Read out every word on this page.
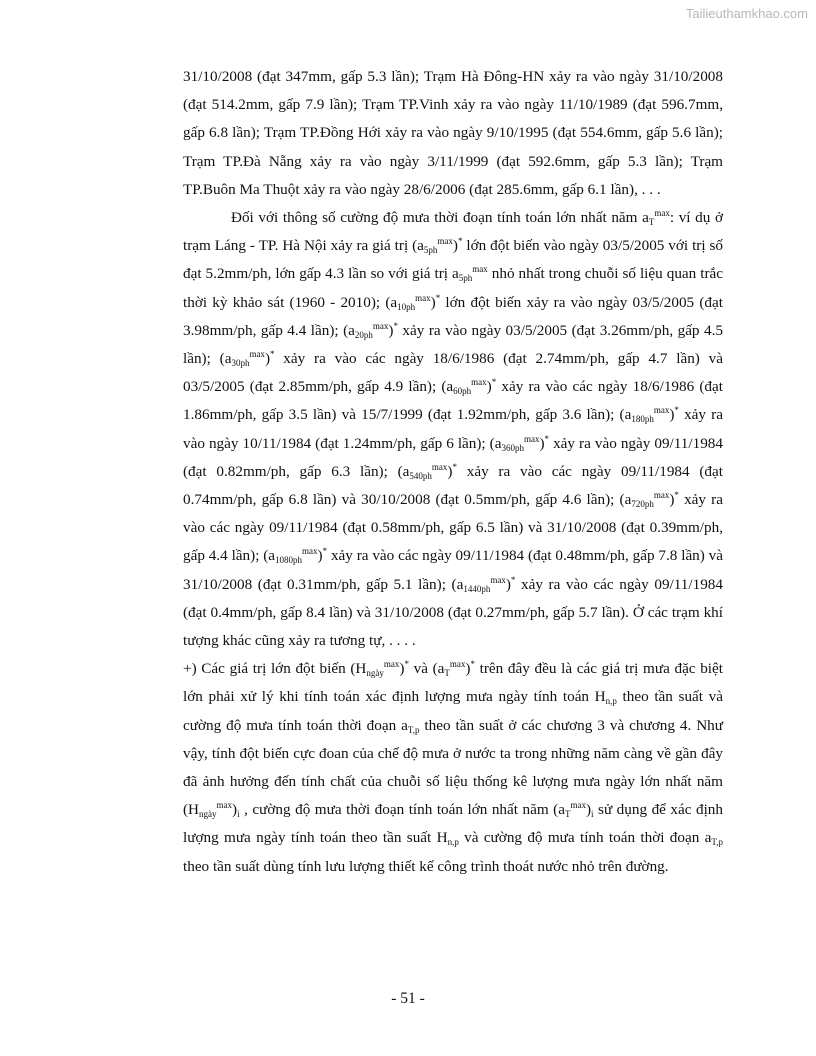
Tailieuthamkhao.com

31/10/2008 (đạt 347mm, gấp 5.3 lần); Trạm Hà Đông-HN xảy ra vào ngày 31/10/2008 (đạt 514.2mm, gấp 7.9 lần); Trạm TP.Vinh xảy ra vào ngày 11/10/1989 (đạt 596.7mm, gấp 6.8 lần); Trạm TP.Đồng Hới xảy ra vào ngày 9/10/1995 (đạt 554.6mm, gấp 5.6 lần); Trạm TP.Đà Nẵng xảy ra vào ngày 3/11/1999 (đạt 592.6mm, gấp 5.3 lần); Trạm TP.Buôn Ma Thuột xảy ra vào ngày 28/6/2006 (đạt 285.6mm, gấp 6.1 lần), . . .

Đối với thông số cường độ mưa thời đoạn tính toán lớn nhất năm $a_T^{max}$: ví dụ ở trạm Láng - TP. Hà Nội xảy ra giá trị $(a_{5ph}^{max})^*$ lớn đột biến vào ngày 03/5/2005 với trị số đạt 5.2mm/ph, lớn gấp 4.3 lần so với giá trị $a_{5ph}^{max}$ nhỏ nhất trong chuỗi số liệu quan trắc thời kỳ khảo sát (1960 - 2010); $(a_{10ph}^{max})^*$ lớn đột biến xảy ra vào ngày 03/5/2005 (đạt 3.98mm/ph, gấp 4.4 lần); $(a_{20ph}^{max})^*$ xảy ra vào ngày 03/5/2005 (đạt 3.26mm/ph, gấp 4.5 lần); $(a_{30ph}^{max})^*$ xảy ra vào các ngày 18/6/1986 (đạt 2.74mm/ph, gấp 4.7 lần) và 03/5/2005 (đạt 2.85mm/ph, gấp 4.9 lần); $(a_{60ph}^{max})^*$ xảy ra vào các ngày 18/6/1986 (đạt 1.86mm/ph, gấp 3.5 lần) và 15/7/1999 (đạt 1.92mm/ph, gấp 3.6 lần); $(a_{180ph}^{max})^*$ xảy ra vào ngày 10/11/1984 (đạt 1.24mm/ph, gấp 6 lần); $(a_{360ph}^{max})^*$ xảy ra vào ngày 09/11/1984 (đạt 0.82mm/ph, gấp 6.3 lần); $(a_{540ph}^{max})^*$ xảy ra vào các ngày 09/11/1984 (đạt 0.74mm/ph, gấp 6.8 lần) và 30/10/2008 (đạt 0.5mm/ph, gấp 4.6 lần); $(a_{720ph}^{max})^*$ xảy ra vào các ngày 09/11/1984 (đạt 0.58mm/ph, gấp 6.5 lần) và 31/10/2008 (đạt 0.39mm/ph, gấp 4.4 lần); $(a_{1080ph}^{max})^*$ xảy ra vào các ngày 09/11/1984 (đạt 0.48mm/ph, gấp 7.8 lần) và 31/10/2008 (đạt 0.31mm/ph, gấp 5.1 lần); $(a_{1440ph}^{max})^*$ xảy ra vào các ngày 09/11/1984 (đạt 0.4mm/ph, gấp 8.4 lần) và 31/10/2008 (đạt 0.27mm/ph, gấp 5.7 lần). Ở các trạm khí tượng khác cũng xảy ra tương tự, . . . .

+) Các giá trị lớn đột biến $(H_{ngày}^{max})^*$ và $(a_T^{max})^*$ trên đây đều là các giá trị mưa đặc biệt lớn phải xử lý khi tính toán xác định lượng mưa ngày tính toán $H_{n,p}$ theo tần suất và cường độ mưa tính toán thời đoạn $a_{T,p}$ theo tần suất ở các chương 3 và chương 4. Như vậy, tính đột biến cực đoan của chế độ mưa ở nước ta trong những năm càng về gần đây đã ảnh hưởng đến tính chất của chuỗi số liệu thống kê lượng mưa ngày lớn nhất năm $(H_{ngày}^{max})_i$ , cường độ mưa thời đoạn tính toán lớn nhất năm $(a_T^{max})_i$ sử dụng để xác định lượng mưa ngày tính toán theo tần suất $H_{n,p}$ và cường độ mưa tính toán thời đoạn $a_{T,p}$ theo tần suất dùng tính lưu lượng thiết kế công trình thoát nước nhỏ trên đường.

- 51 -
